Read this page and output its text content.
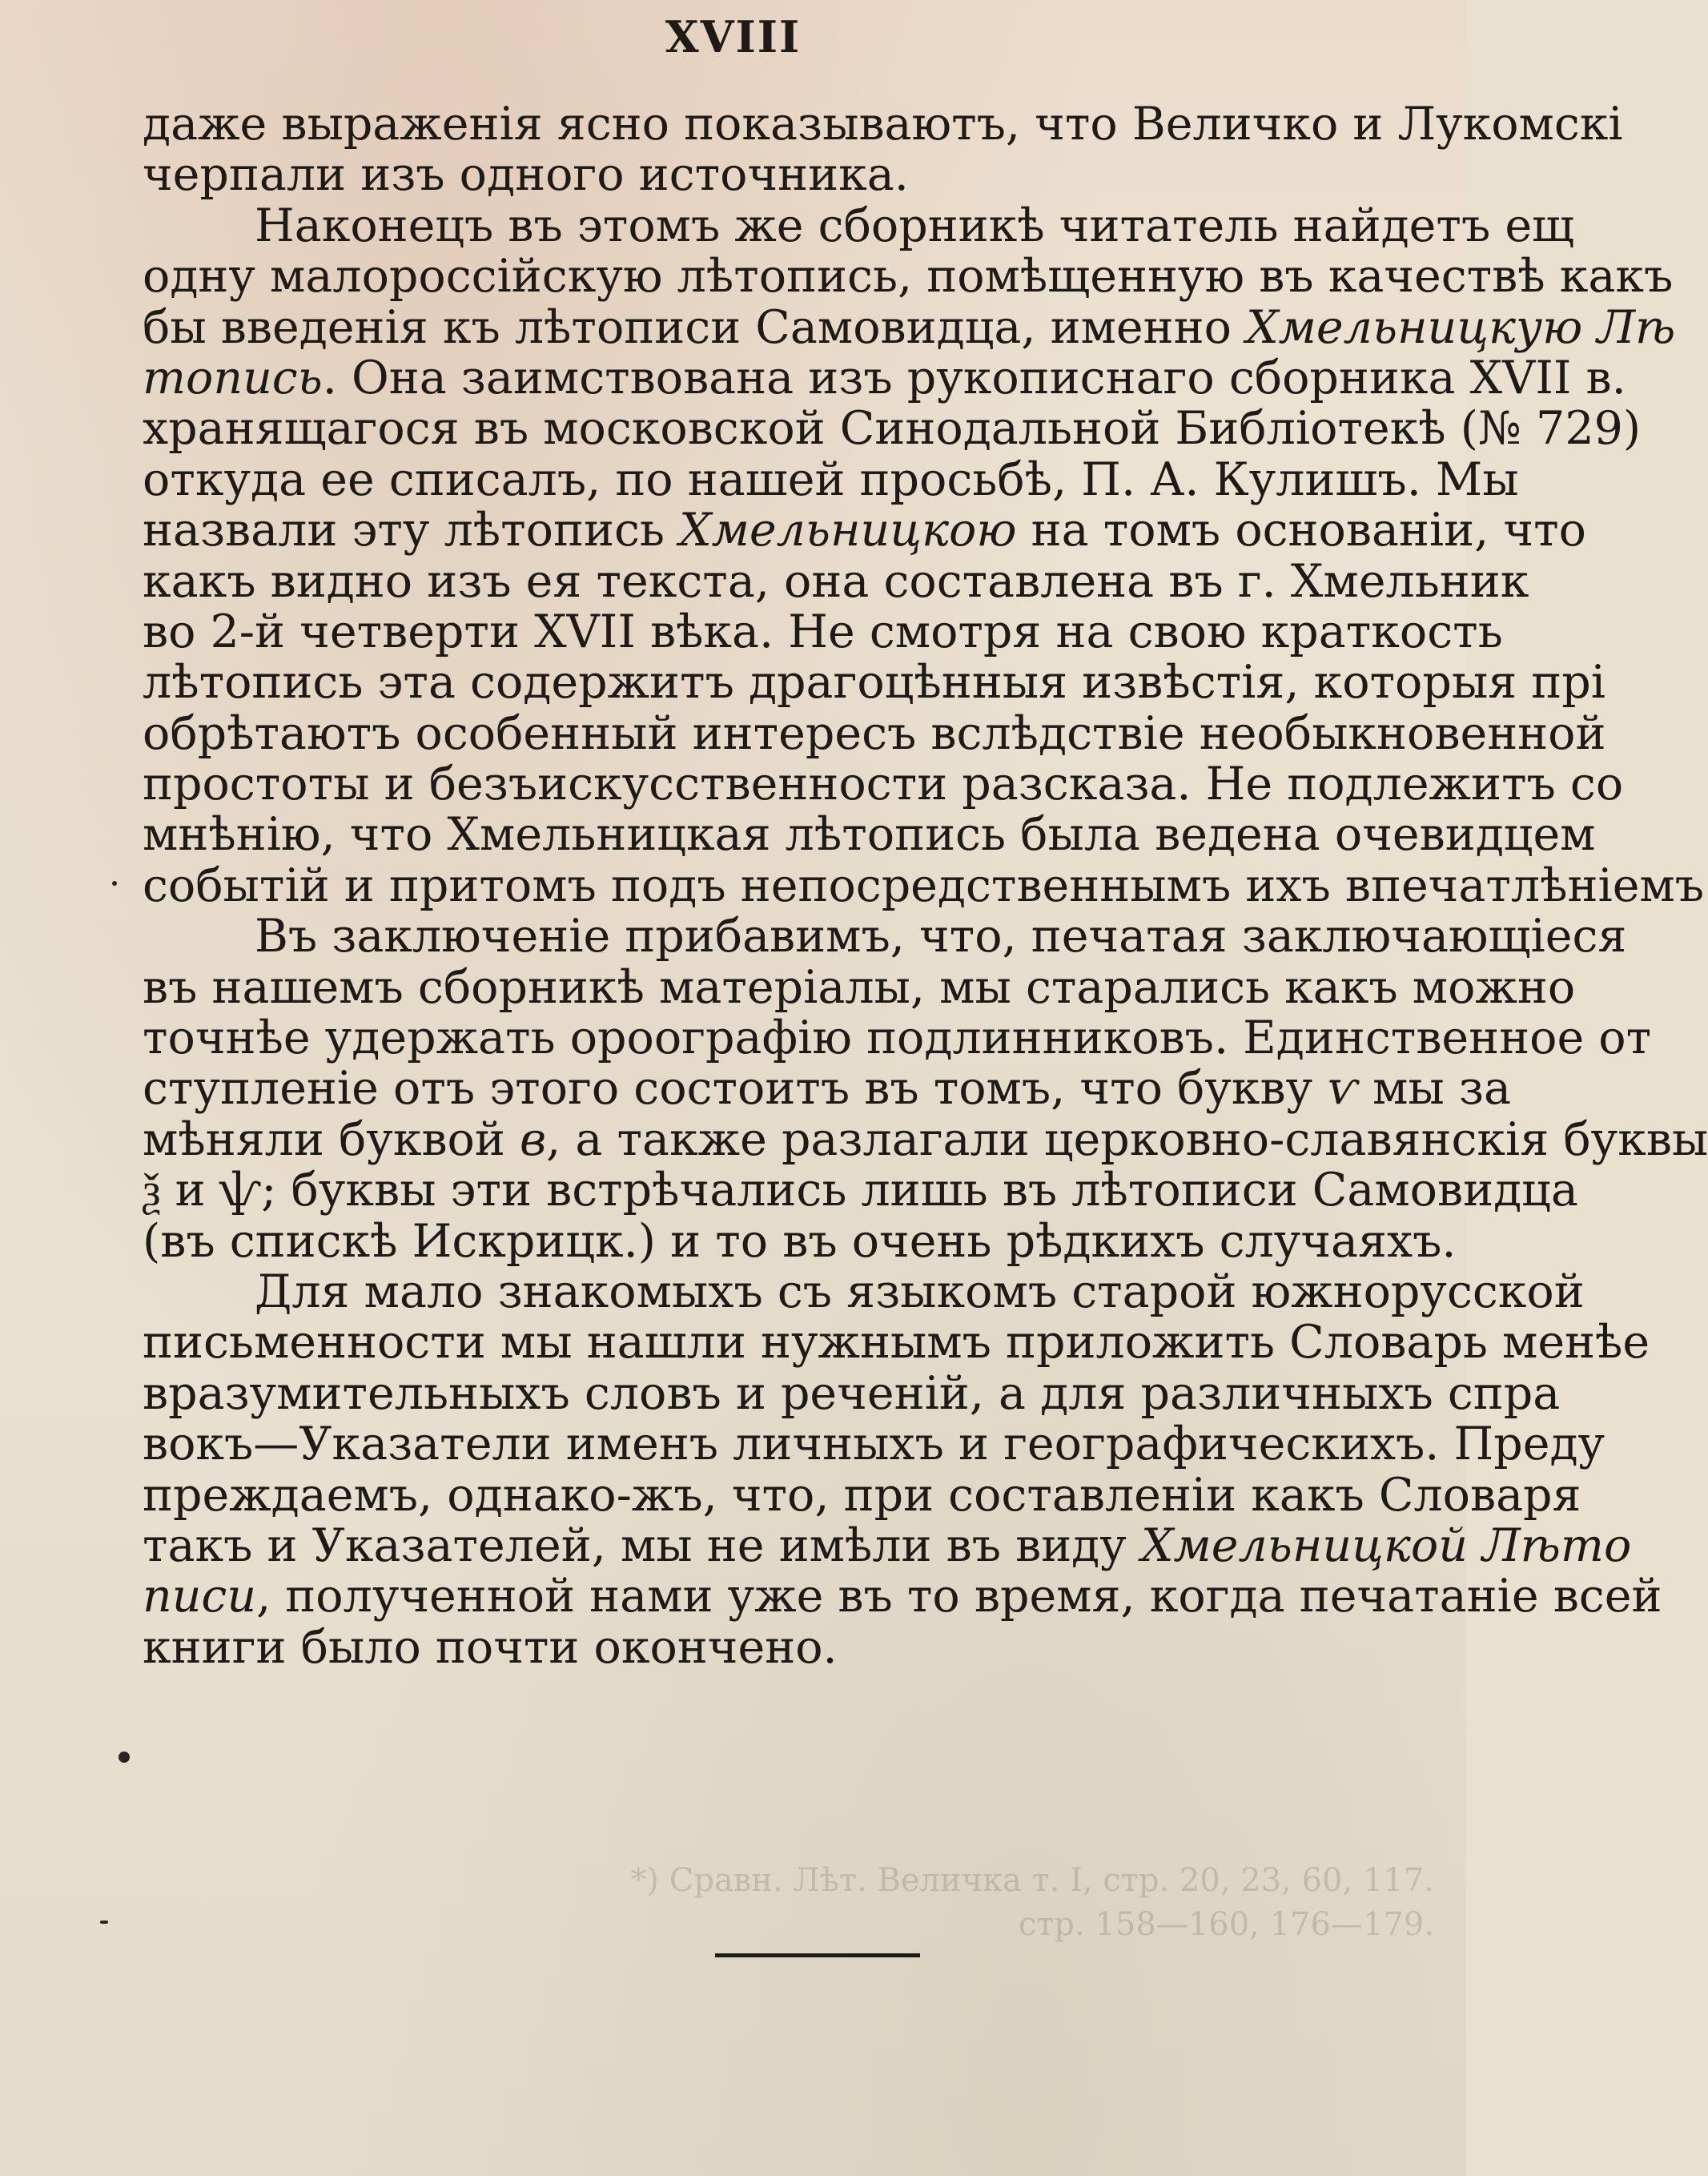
XVIII
даже выраженія ясно показываютъ, что Величко и Лукомскі
черпали изъ одного источника.
Наконецъ въ этомъ же сборникѣ читатель найдетъ ещ
одну малороссійскую лѣтопись, помѣщенную въ качествѣ какъ
бы введенія къ лѣтописи Самовидца, именно Хмельницкую Лѣ
топись. Она заимствована изъ рукописнаго сборника XVII в.
хранящагося въ московской Синодальной Библіотекѣ (№ 729)
откуда ее списалъ, по нашей просьбѣ, П. А. Кулишъ. Мы
назвали эту лѣтопись Хмельницкою на томъ основаніи, что
какъ видно изъ ея текста, она составлена въ г. Хмельник
во 2-й четверти XVII вѣка. Не смотря на свою краткость
лѣтопись эта содержитъ драгоцѣнныя извѣстія, которыя прі
обрѣтаютъ особенный интересъ вслѣдствіе необыкновенной
простоты и безъискусственности разсказа. Не подлежитъ со
мнѣнію, что Хмельницкая лѣтопись была ведена очевидцем
событій и притомъ подъ непосредственнымъ ихъ впечатлѣніемъ
Въ заключеніе прибавимъ, что, печатая заключающіеся
въ нашемъ сборникѣ матеріалы, мы старались какъ можно
точнѣе удержать ороографію подлинниковъ. Единственное от
ступленіе отъ этого состоитъ въ томъ, что букву ѵ мы за
мѣняли буквой в, а также разлагали церковно-славянскія буквы
ѯ и ѱ; буквы эти встрѣчались лишь въ лѣтописи Самовидца
(въ спискѣ Искрицк.) и то въ очень рѣдкихъ случаяхъ.
Для мало знакомыхъ съ языкомъ старой южнорусской
письменности мы нашли нужнымъ приложить Словарь менѣе
вразумительныхъ словъ и реченій, а для различныхъ спра
вокъ—Указатели именъ личныхъ и географическихъ. Преду
преждаемъ, однако-жъ, что, при составленіи какъ Словаря
такъ и Указателей, мы не имѣли въ виду Хмельницкой Лѣто
писи, полученной нами уже въ то время, когда печатаніе всей
книги было почти окончено.
*) Сравн. Лѣт. Величка т. I, стр. 20, 23, 60, 117.
стр. 158—160, 176—179.
